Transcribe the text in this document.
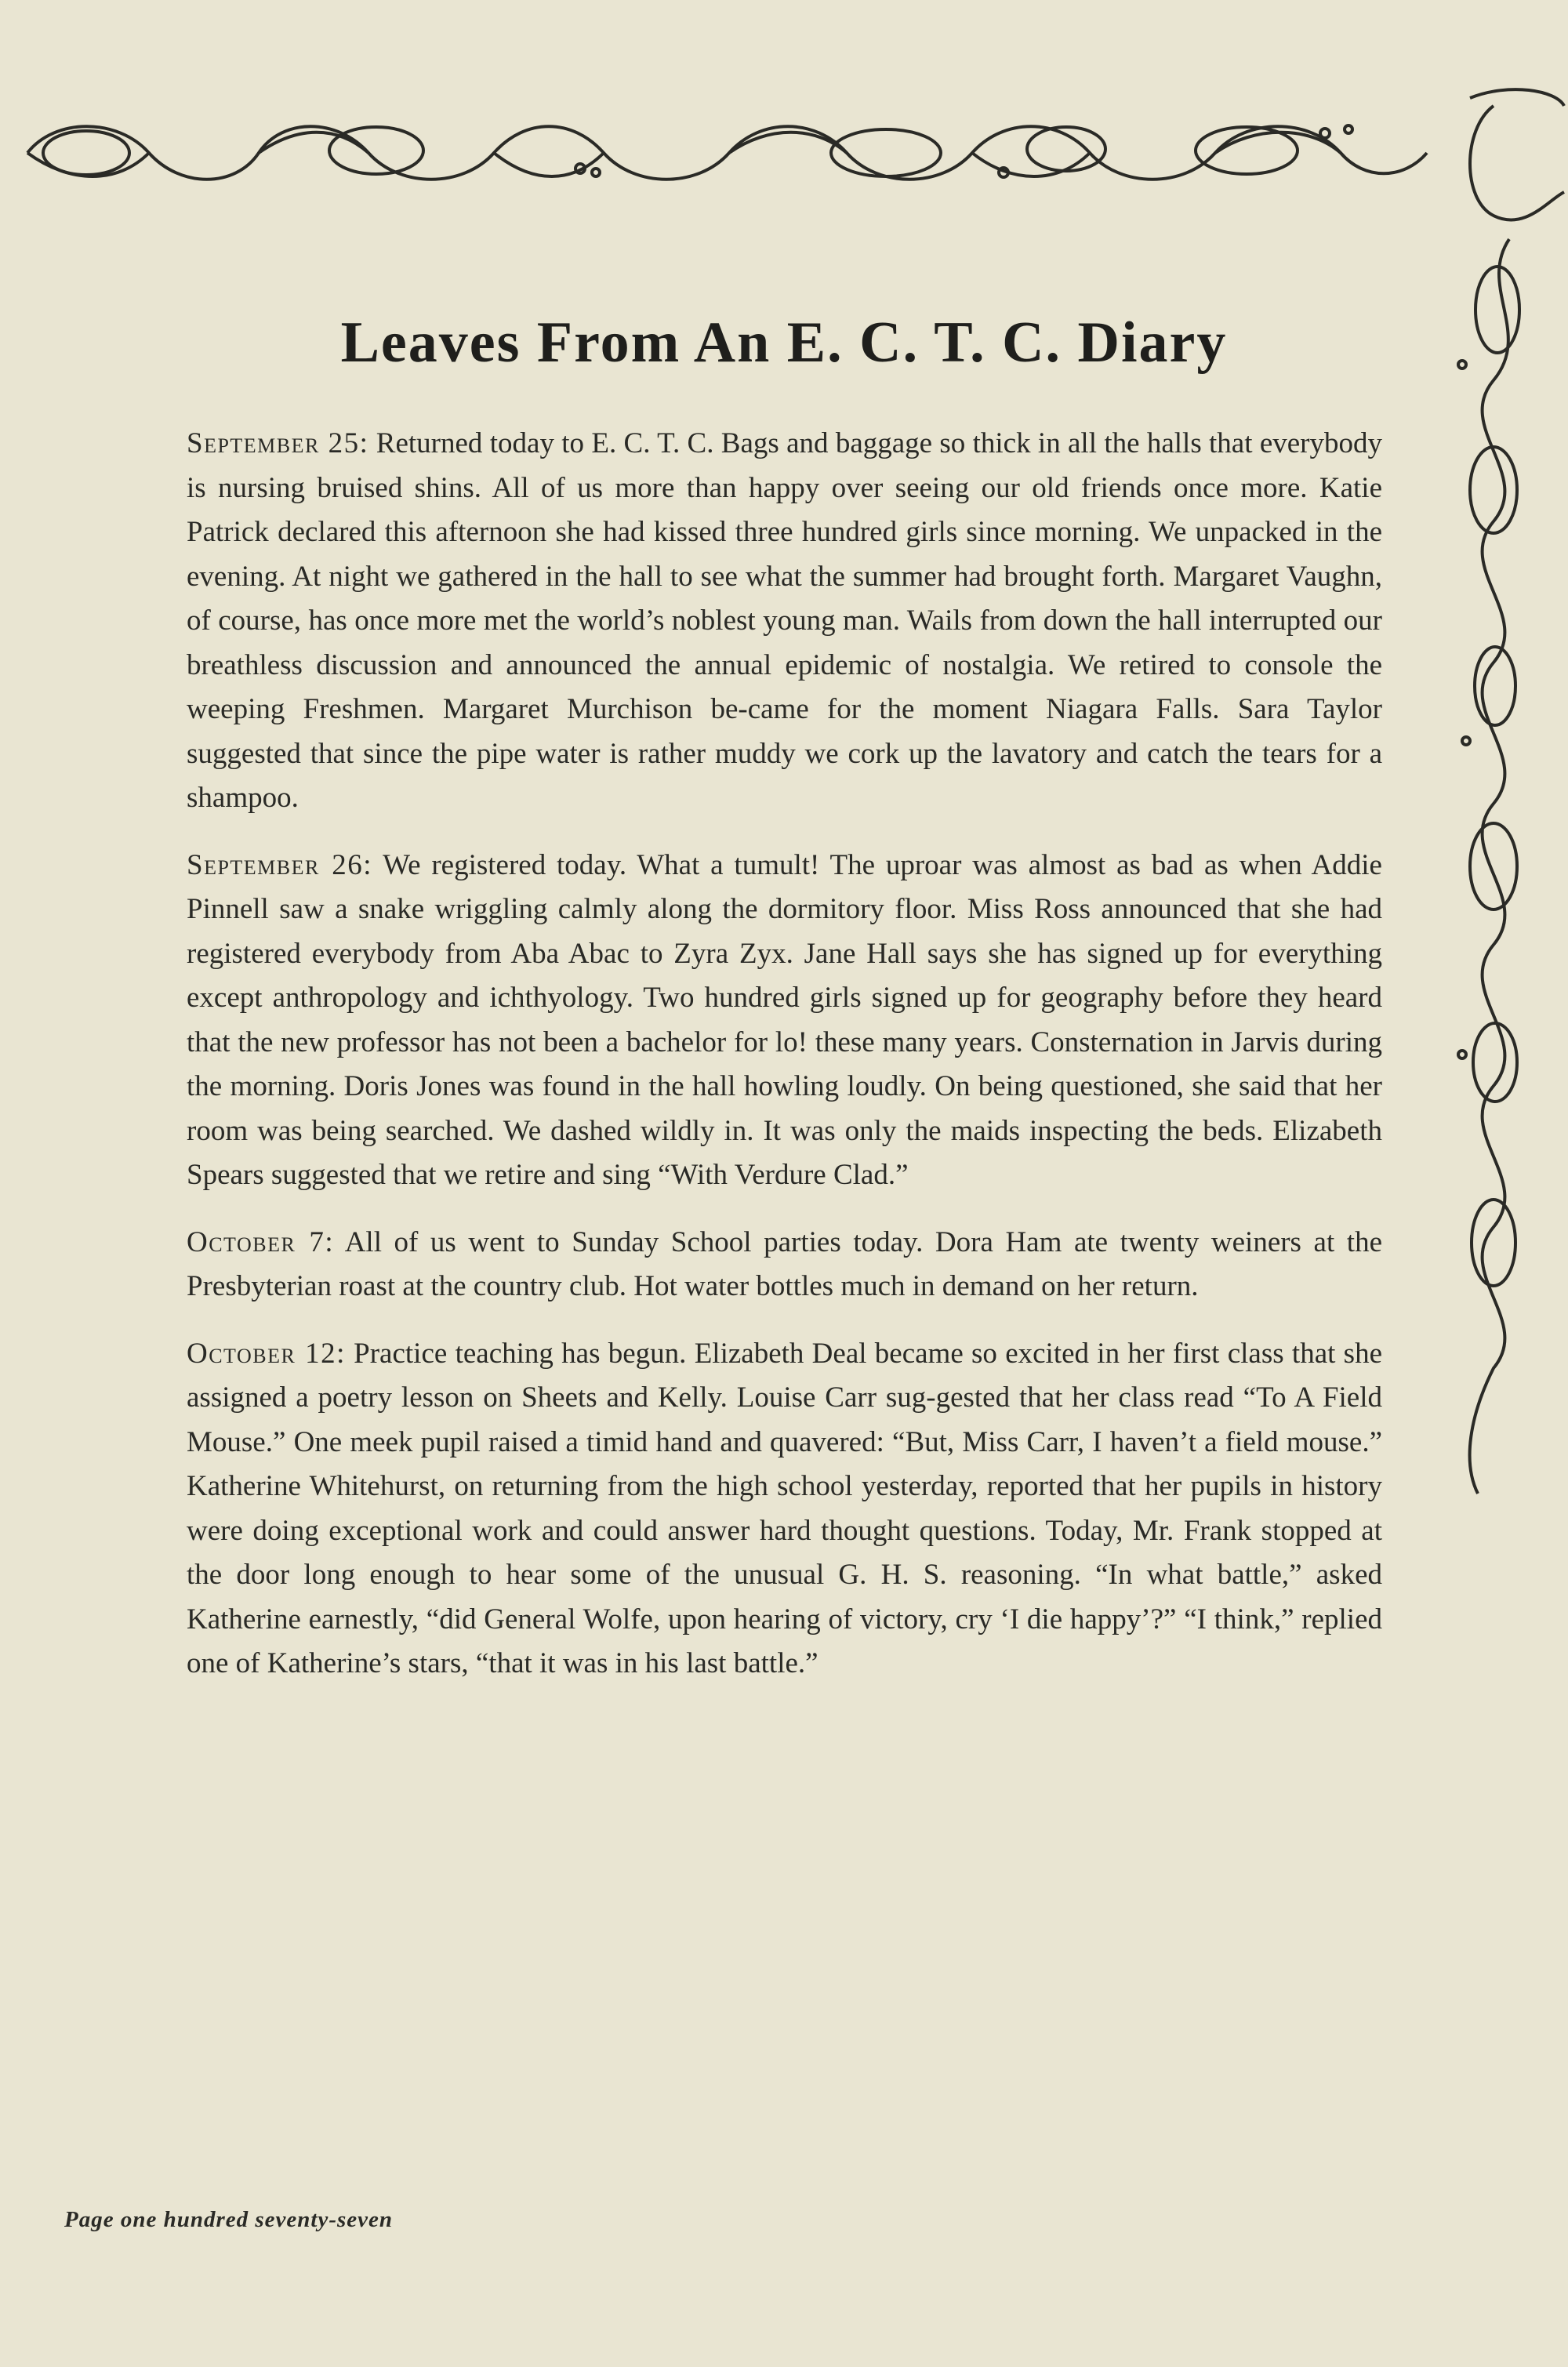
Leaves From An E. C. T. C. Diary

September 25: Returned today to E. C. T. C. Bags and baggage so thick in all the halls that everybody is nursing bruised shins. All of us more than happy over seeing our old friends once more. Katie Patrick declared this afternoon she had kissed three hundred girls since morning. We unpacked in the evening. At night we gathered in the hall to see what the summer had brought forth. Margaret Vaughn, of course, has once more met the world’s noblest young man. Wails from down the hall interrupted our breathless discussion and announced the annual epidemic of nostalgia. We retired to console the weeping Freshmen. Margaret Murchison be-came for the moment Niagara Falls. Sara Taylor suggested that since the pipe water is rather muddy we cork up the lavatory and catch the tears for a shampoo.

September 26: We registered today. What a tumult! The uproar was almost as bad as when Addie Pinnell saw a snake wriggling calmly along the dormitory floor. Miss Ross announced that she had registered everybody from Aba Abac to Zyra Zyx. Jane Hall says she has signed up for everything except anthropology and ichthyology. Two hundred girls signed up for geography before they heard that the new professor has not been a bachelor for lo! these many years. Consternation in Jarvis during the morning. Doris Jones was found in the hall howling loudly. On being questioned, she said that her room was being searched. We dashed wildly in. It was only the maids inspecting the beds. Elizabeth Spears suggested that we retire and sing “With Verdure Clad.”

October 7: All of us went to Sunday School parties today. Dora Ham ate twenty weiners at the Presbyterian roast at the country club. Hot water bottles much in demand on her return.

October 12: Practice teaching has begun. Elizabeth Deal became so excited in her first class that she assigned a poetry lesson on Sheets and Kelly. Louise Carr sug-gested that her class read “To A Field Mouse.” One meek pupil raised a timid hand and quavered: “But, Miss Carr, I haven’t a field mouse.” Katherine Whitehurst, on returning from the high school yesterday, reported that her pupils in history were doing exceptional work and could answer hard thought questions. Today, Mr. Frank stopped at the door long enough to hear some of the unusual G. H. S. reasoning. “In what battle,” asked Katherine earnestly, “did General Wolfe, upon hearing of victory, cry ‘I die happy’?” “I think,” replied one of Katherine’s stars, “that it was in his last battle.”

Page one hundred seventy-seven
